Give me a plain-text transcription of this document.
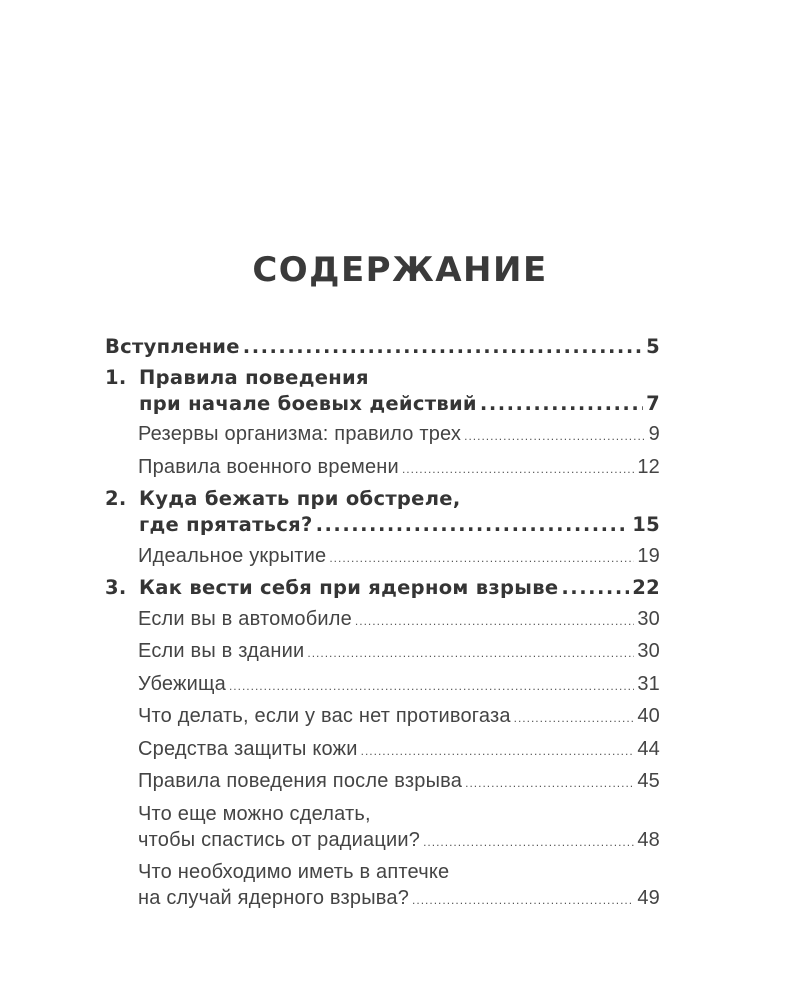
СОДЕРЖАНИЕ
Вступление .....	5
1. Правила поведения
при начале боевых действий .....	7
Резервы организма: правило трех .....	9
Правила военного времени .....	12
2. Куда бежать при обстреле,
где прятаться? .....	15
Идеальное укрытие .....	19
3. Как вести себя при ядерном взрыве .....	22
Если вы в автомобиле .....	30
Если вы в здании .....	30
Убежища .....	31
Что делать, если у вас нет противогаза .....	40
Средства защиты кожи .....	44
Правила поведения после взрыва .....	45
Что еще можно сделать,
чтобы спастись от радиации? .....	48
Что необходимо иметь в аптечке
на случай ядерного взрыва? .....	49
